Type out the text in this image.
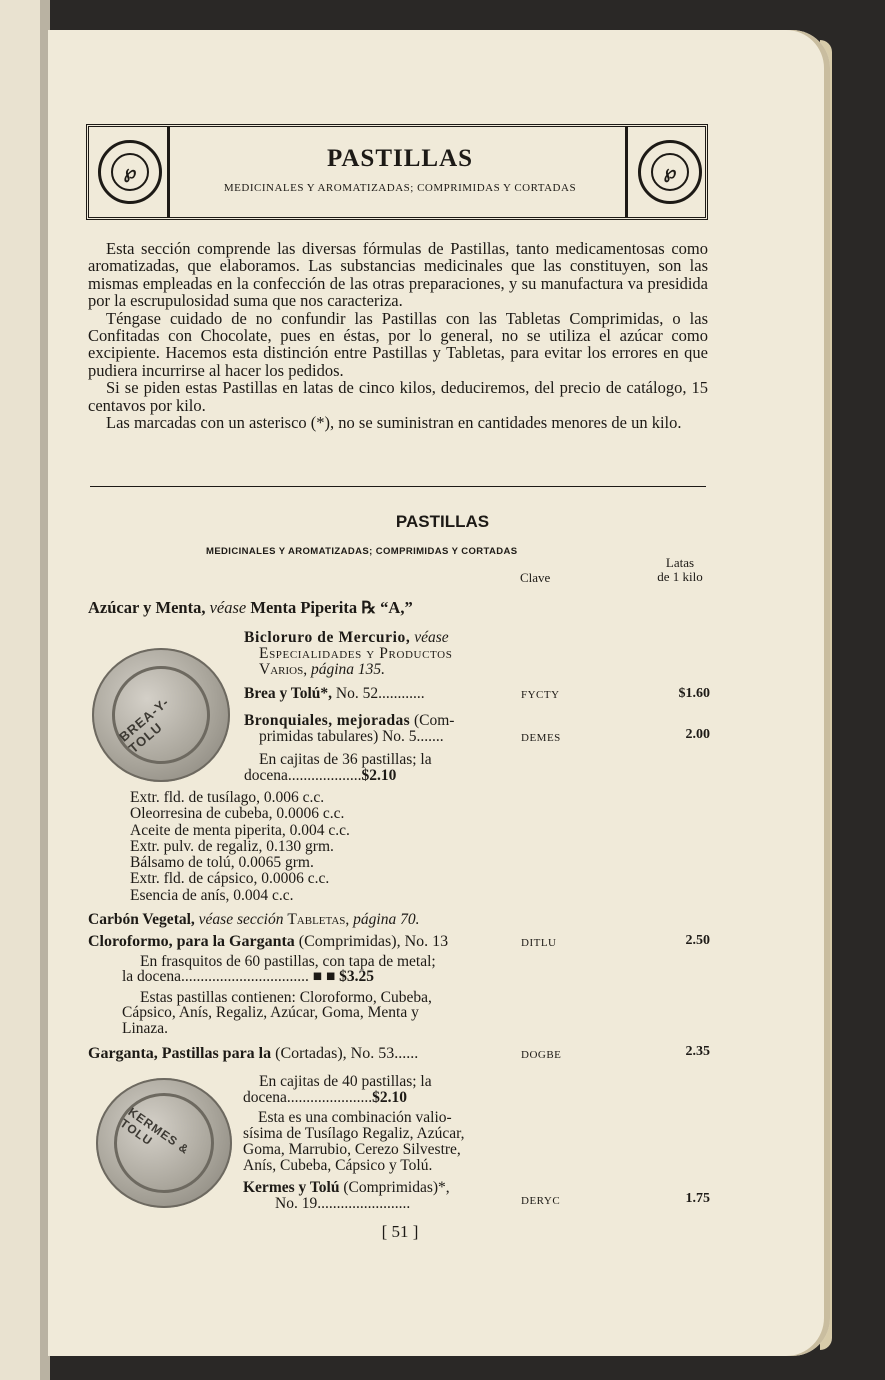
℘	℘
PASTILLAS
MEDICINALES Y AROMATIZADAS; COMPRIMIDAS Y CORTADAS

Esta sección comprende las diversas fórmulas de Pastillas, tanto medicamentosas como aromatizadas, que elaboramos. Las substancias medicinales que las constituyen, son las mismas empleadas en la confección de las otras preparaciones, y su manufactura va presidida por la escrupulosidad suma que nos caracteriza.

Téngase cuidado de no confundir las Pastillas con las Tabletas Comprimidas, o las Confitadas con Chocolate, pues en éstas, por lo general, no se utiliza el azúcar como excipiente. Hacemos esta distinción entre Pastillas y Tabletas, para evitar los errores en que pudiera incurrirse al hacer los pedidos.

Si se piden estas Pastillas en latas de cinco kilos, deduciremos, del precio de catálogo, 15 centavos por kilo.

Las marcadas con un asterisco (*), no se suministran en cantidades menores de un kilo.

PASTILLAS
MEDICINALES Y AROMATIZADAS; COMPRIMIDAS Y CORTADAS
Clave
Latas
de 1 kilo
Azúcar y Menta, véase Menta Piperita ℞ “A,”
Bicloruro de Mercurio, véase
Especialidades y Productos
Varios, página 135.
BREA-Y-TOLU
Brea y Tolú*, No. 52............	FYCTY	$1.60
Bronquiales, mejoradas (Com-
primidas tabulares) No. 5.......	DEMES	2.00
En cajitas de 36 pastillas; la
docena...................$2.10
Extr. fld. de tusílago, 0.006 c.c.
Oleorresina de cubeba, 0.0006 c.c.
Aceite de menta piperita, 0.004 c.c.
Extr. pulv. de regaliz, 0.130 grm.
Bálsamo de tolú, 0.0065 grm.
Extr. fld. de cápsico, 0.0006 c.c.
Esencia de anís, 0.004 c.c.
Carbón Vegetal, véase sección Tabletas, página 70.
Cloroformo, para la Garganta (Comprimidas), No. 13	DITLU	2.50
En frasquitos de 60 pastillas, con tapa de metal;
la docena................................. ■ ■ $3.25
Estas pastillas contienen: Cloroformo, Cubeba,
Cápsico, Anís, Regaliz, Azúcar, Goma, Menta y
Linaza.
Garganta, Pastillas para la (Cortadas), No. 53......	DOGBE	2.35
KERMES & TOLU
En cajitas de 40 pastillas; la
docena......................$2.10
Esta es una combinación valio-
sísima de Tusílago Regaliz, Azúcar,
Goma, Marrubio, Cerezo Silvestre,
Anís, Cubeba, Cápsico y Tolú.
Kermes y Tolú (Comprimidas)*,
No. 19........................	DERYC	1.75
[ 51 ]
